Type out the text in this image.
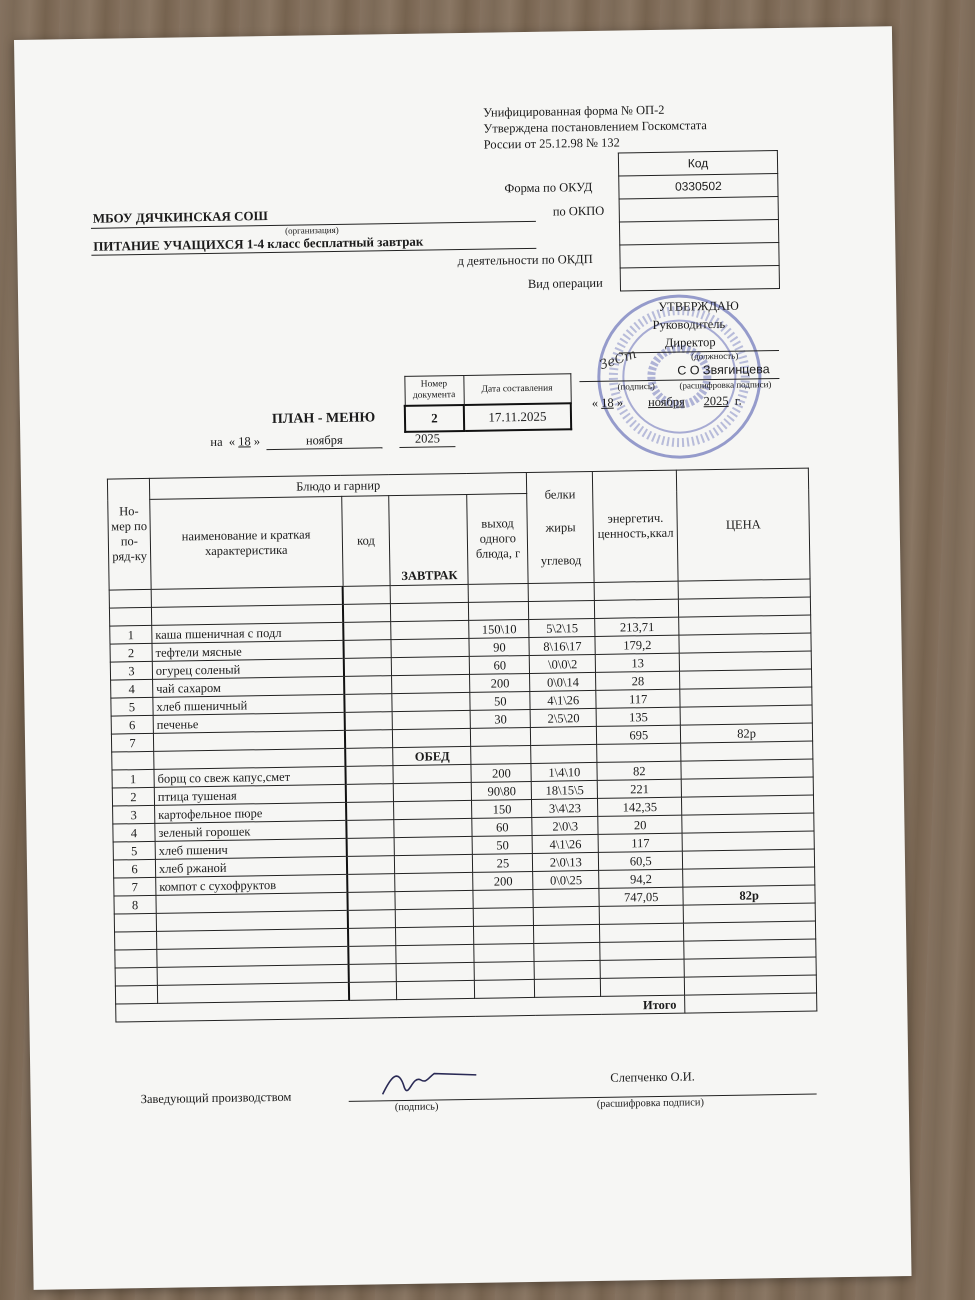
Унифицированная форма № ОП-2
Утверждена постановлением Госкомстата
России от 25.12.98 № 132
Код
0330502

Форма по ОКУД
по ОКПО
д деятельности по ОКДП
Вид операции
МБОУ ДЯЧКИНСКАЯ СОШ
(организация)
ПИТАНИЕ УЧАЩИХСЯ 1-4 класс бесплатный завтрак
УТВЕРЖДАЮ
Руководитель
Директор
(должность)
ЗеСт	С О Звягинцева
(подпись)	(расшифровка подписи)
« 18 »        ноября 2025 г.
Номер документа	Дата составления
2	17.11.2025
ПЛАН - МЕНЮ
на  « 18 »	ноября	2025
Но-мер по по-ряд-ку	Блюдо и гарнир				белки
жиры
углевод	энергетич. ценность,ккал	ЦЕНА
	наименование и краткая характеристика	код	ЗАВТРАК	выход одного блюда, г			

1	каша пшеничная с подл			150\10	5\2\15	213,71	
2	тефтели мясные			90	8\16\17	179,2	
3	огурец соленый			60	\0\0\2	13	
4	чай сахаром			200	0\0\14	28	
5	хлеб пшеничный			50	4\1\26	117	
6	печенье			30	2\5\20	135	
7						695	82р
			ОБЕД				
1	борщ со свеж капус,смет			200	1\4\10	82	
2	птица тушеная			90\80	18\15\5	221	
3	картофельное пюре			150	3\4\23	142,35	
4	зеленый горошек			60	2\0\3	20	
5	хлеб пшенич			50	4\1\26	117	
6	хлеб ржаной			25	2\0\13	60,5	
7	компот с сухофруктов			200	0\0\25	94,2	
8						747,05	82р

		Итого					
Заведующий производством
(подпись)
Слепченко О.И.
(расшифровка подписи)
